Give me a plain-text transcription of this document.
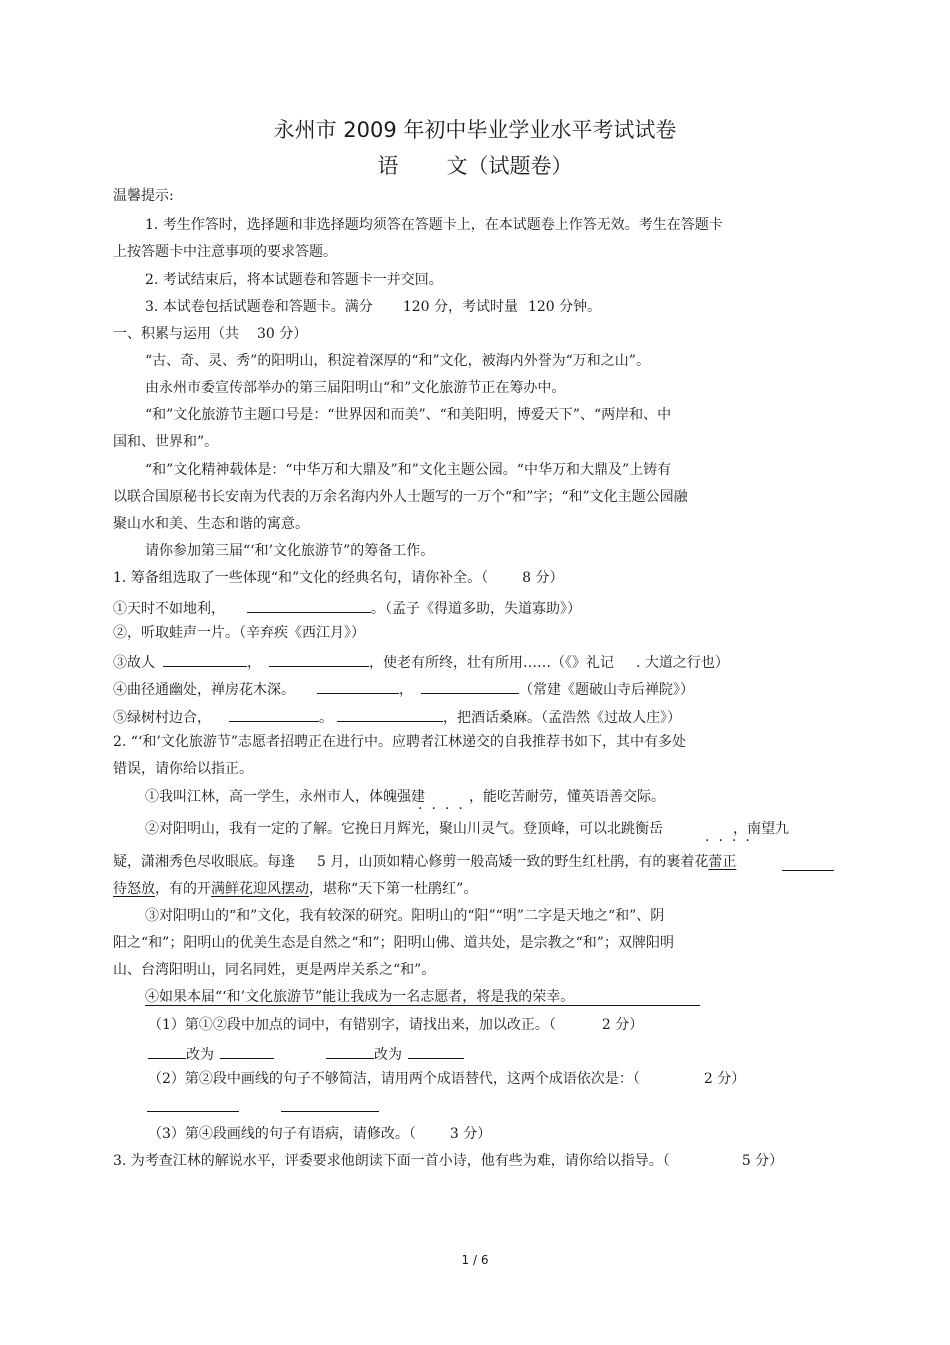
永州市 2009 年初中毕业学业水平考试试卷
语 文（试题卷）
温馨提示:
1. 考生作答时，选择题和非选择题均须答在答题卡上，在本试题卷上作答无效。考生在答题卡
上按答题卡中注意事项的要求答题。
2. 考试结束后，将本试题卷和答题卡一并交回。
3. 本试卷包括试题卷和答题卡。满分 120 分，考试时量 120 分钟。
一、积累与运用（共 30 分）
“古、奇、灵、秀”的阳明山，积淀着深厚的“和”文化，被海内外誉为“万和之山”。
由永州市委宣传部举办的第三届阳明山“和”文化旅游节正在筹办中。
“和”文化旅游节主题口号是：“世界因和而美”、“和美阳明，博爱天下”、“两岸和、中
国和、世界和”。
“和”文化精神载体是：“中华万和大鼎及”和”文化主题公园。“中华万和大鼎及”上铸有
以联合国原秘书长安南为代表的万余名海内外人士题写的一万个“和”字；“和”文化主题公园融
聚山水和美、生态和谐的寓意。
请你参加第三届“‘和’文化旅游节”的筹备工作。
1. 筹备组选取了一些体现“和”文化的经典名句，请你补全。（ 8 分）
①天时不如地利，	。（孟子《得道多助，失道寡助》）
②，听取蛙声一片。（辛弃疾《西江月》）
③故人	，	，使老有所终，壮有所用……（《》礼记 . 大道之行也）
④曲径通幽处，禅房花木深。	，	（常建《题破山寺后禅院》）
⑤绿树村边合，	。	，把酒话桑麻。（孟浩然《过故人庄》）
2. “‘和’文化旅游节”志愿者招聘正在进行中。应聘者江林递交的自我推荐书如下，其中有多处
错误，请你给以指正。
①我叫江林，高一学生，永州市人，体魄强建	，能吃苦耐劳，懂英语善交际。
····
②对阳明山，我有一定的了解。它挽日月辉光，聚山川灵气。登顶峰，可以北跳衡岳	，南望九
····
疑，潇湘秀色尽收眼底。每逢 5 月，山顶如精心修剪一般高矮一致的野生红杜鹃，有的裹着花蕾正
待怒放，有的开满鲜花迎风摆动，堪称“天下第一杜鹃红”。
③对阳明山的“和”文化，我有较深的研究。阳明山的“阳”“明”二字是天地之“和”、阴
阳之“和”；阳明山的优美生态是自然之“和”；阳明山佛、道共处，是宗教之“和”；双牌阳明
山、台湾阳明山，同名同姓，更是两岸关系之“和”。
④如果本届“‘和’文化旅游节”能让我成为一名志愿者，将是我的荣幸。
（1）第①②段中加点的词中，有错别字，请找出来，加以改正。（	2 分）
改为	改为
（2）第②段中画线的句子不够简洁，请用两个成语替代，这两个成语依次是：（	2 分）
（3）第④段画线的句子有语病，请修改。（ 3 分）
3. 为考查江林的解说水平，评委要求他朗读下面一首小诗，他有些为难，请你给以指导。（	5 分）
1 / 6
